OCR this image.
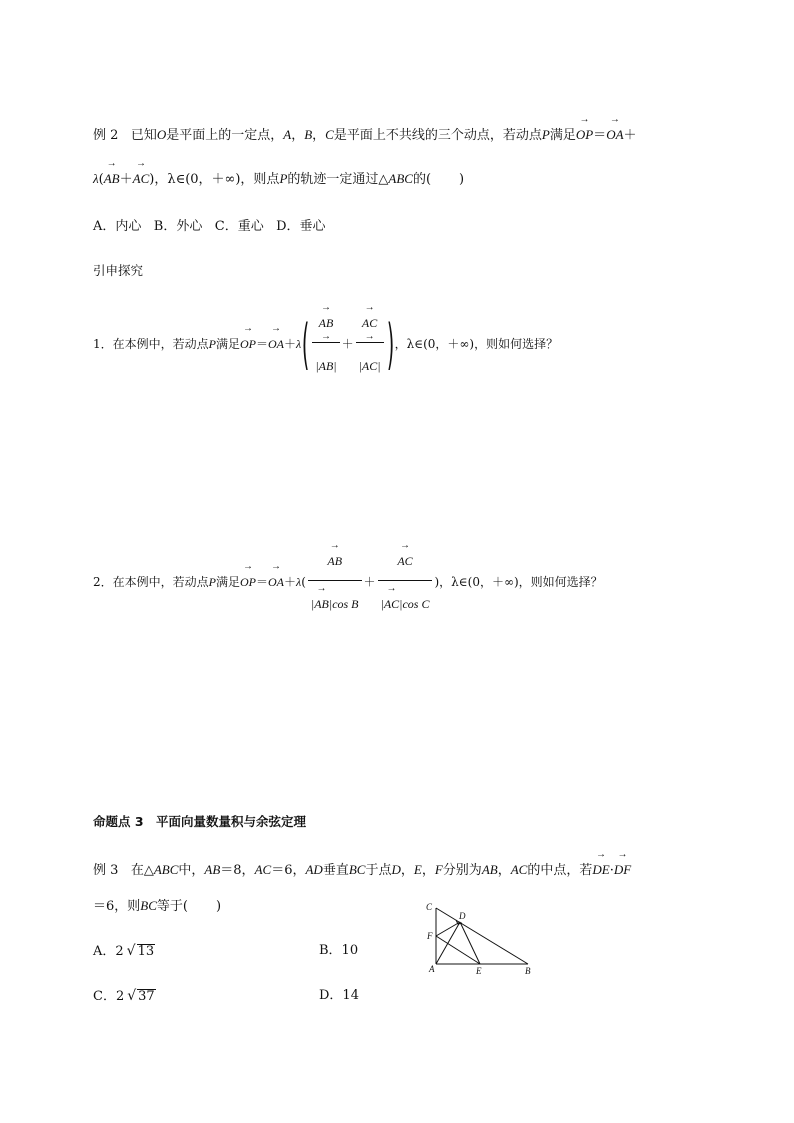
例 2 已知O是平面上的一定点，A，B，C是平面上不共线的三个动点，若动点P满足→ OP＝→ OA＋
λ(→ AB＋→ AC)，λ∈(0，＋∞)，则点P的轨迹一定通过△ABC的( )
A．内心 B．外心 C．重心 D．垂心
引申探究
1．在本例中，若动点P满足→ OP＝→ OA＋λ( → AB
→ |AB| ＋ → AC
→ |AC| )，λ∈(0，＋∞)，则如何选择？
2．在本例中，若动点P满足→ OP＝→ OA＋λ( → AB
→ |AB|cos B ＋ → AC
→ |AC|cos C )，λ∈(0，＋∞)，则如何选择？
命题点 3　平面向量数量积与余弦定理
例 3 在△ABC中，AB＝8，AC＝6，AD垂直BC于点D，E，F分别为AB，AC的中点，若→ DE·→ DF
＝6，则BC等于( )
A．2 √ 13	B．10
C．2 √ 37	D．14
C
D
F
A	E	B
